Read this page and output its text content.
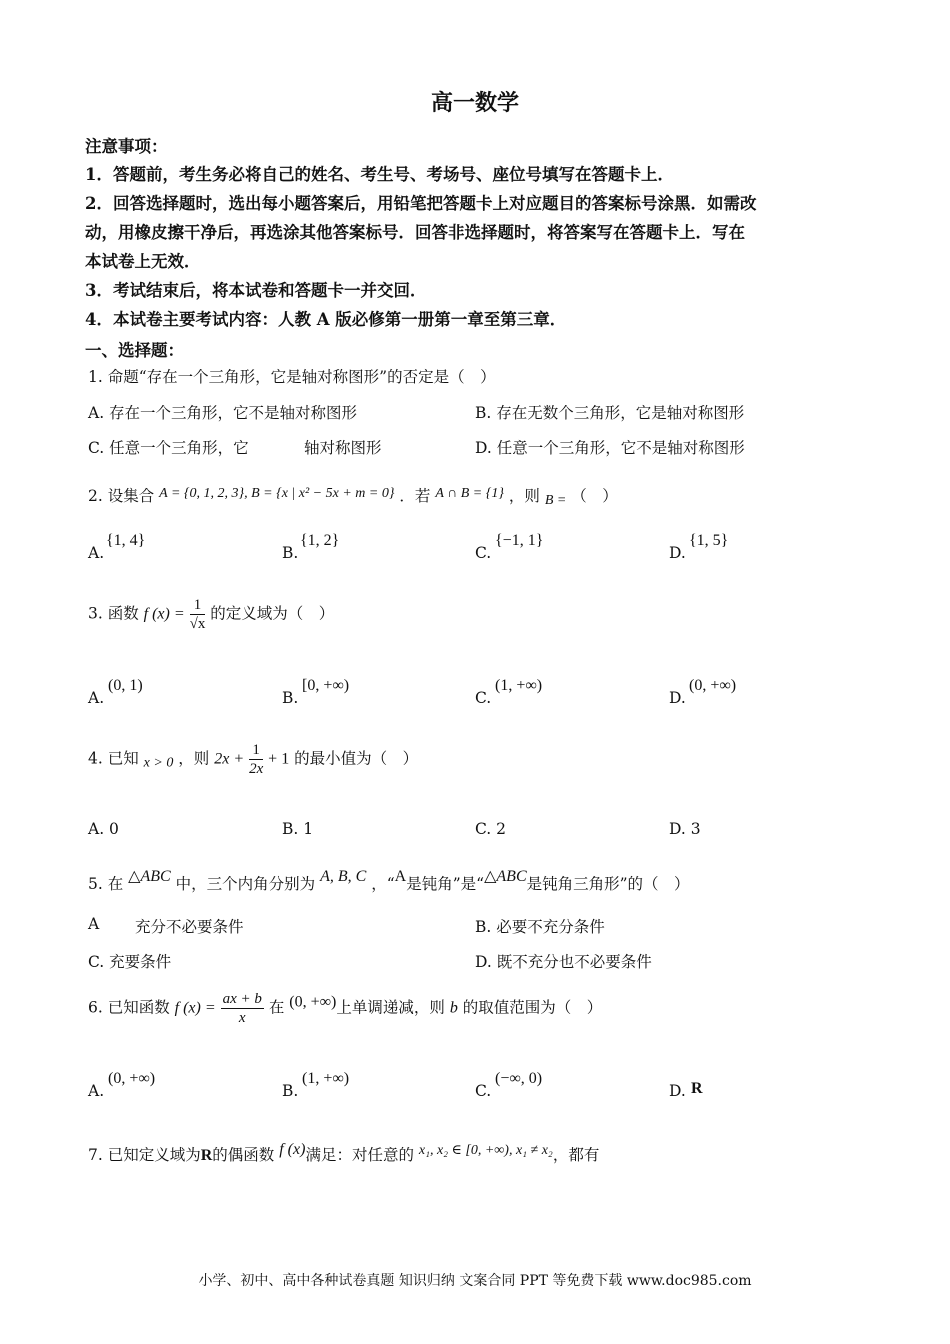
高一数学
注意事项：
1．答题前，考生务必将自己的姓名、考生号、考场号、座位号填写在答题卡上．
2．回答选择题时，选出每小题答案后，用铅笔把答题卡上对应题目的答案标号涂黑．如需改
动，用橡皮擦干净后，再选涂其他答案标号．回答非选择题时，将答案写在答题卡上．写在
本试卷上无效．
3．考试结束后，将本试卷和答题卡一并交回．
4．本试卷主要考试内容：人教 A 版必修第一册第一章至第三章．
一、选择题：
1. 命题“存在一个三角形，它是轴对称图形”的否定是（　）
A. 存在一个三角形，它不是轴对称图形	B. 存在无数个三角形，它是轴对称图形
C. 任意一个三角形，它	轴对称图形	D. 任意一个三角形，它不是轴对称图形
2. 设集合 A = {0, 1, 2, 3}, B = {x | x² − 5x + m = 0} ．若 A ∩ B = {1} ，则 B = （　）
A.
{1, 4}
B.
{1, 2}
C.
{−1, 1}
D.
{1, 5}
3. 函数 f $(x) = \frac{1}{√x}$ 的定义域为（　）
A.
(0, 1)
B.
[0, +∞)
C.
(1, +∞)
D.
(0, +∞)
4. 已知 x > 0 ，则 $2x + \frac{1}{2x} + 1$ 的最小值为（　）
A. 0	B. 1	C. 2	D. 3
5. 在 △ABC 中，三个内角分别为 A, B, C ，“A是钝角”是“△ABC是钝角三角形”的（　）
A 充分不必要条件	B. 必要不充分条件
C. 充要条件	D. 既不充分也不必要条件
6. 已知函数 f $(x) = \frac{ax + b}{x}$ 在 (0, +∞)上单调递减，则 b 的取值范围为（　）
A.
(0, +∞)
B.
(1, +∞)
C.
(−∞, 0)
D. R
7. 已知定义域为R的偶函数 f (x)满足：对任意的 x₁, x₂ ∈ [0, +∞), x₁ ≠ x₂，都有
小学、初中、高中各种试卷真题 知识归纳 文案合同 PPT 等免费下载 www.doc985.com
